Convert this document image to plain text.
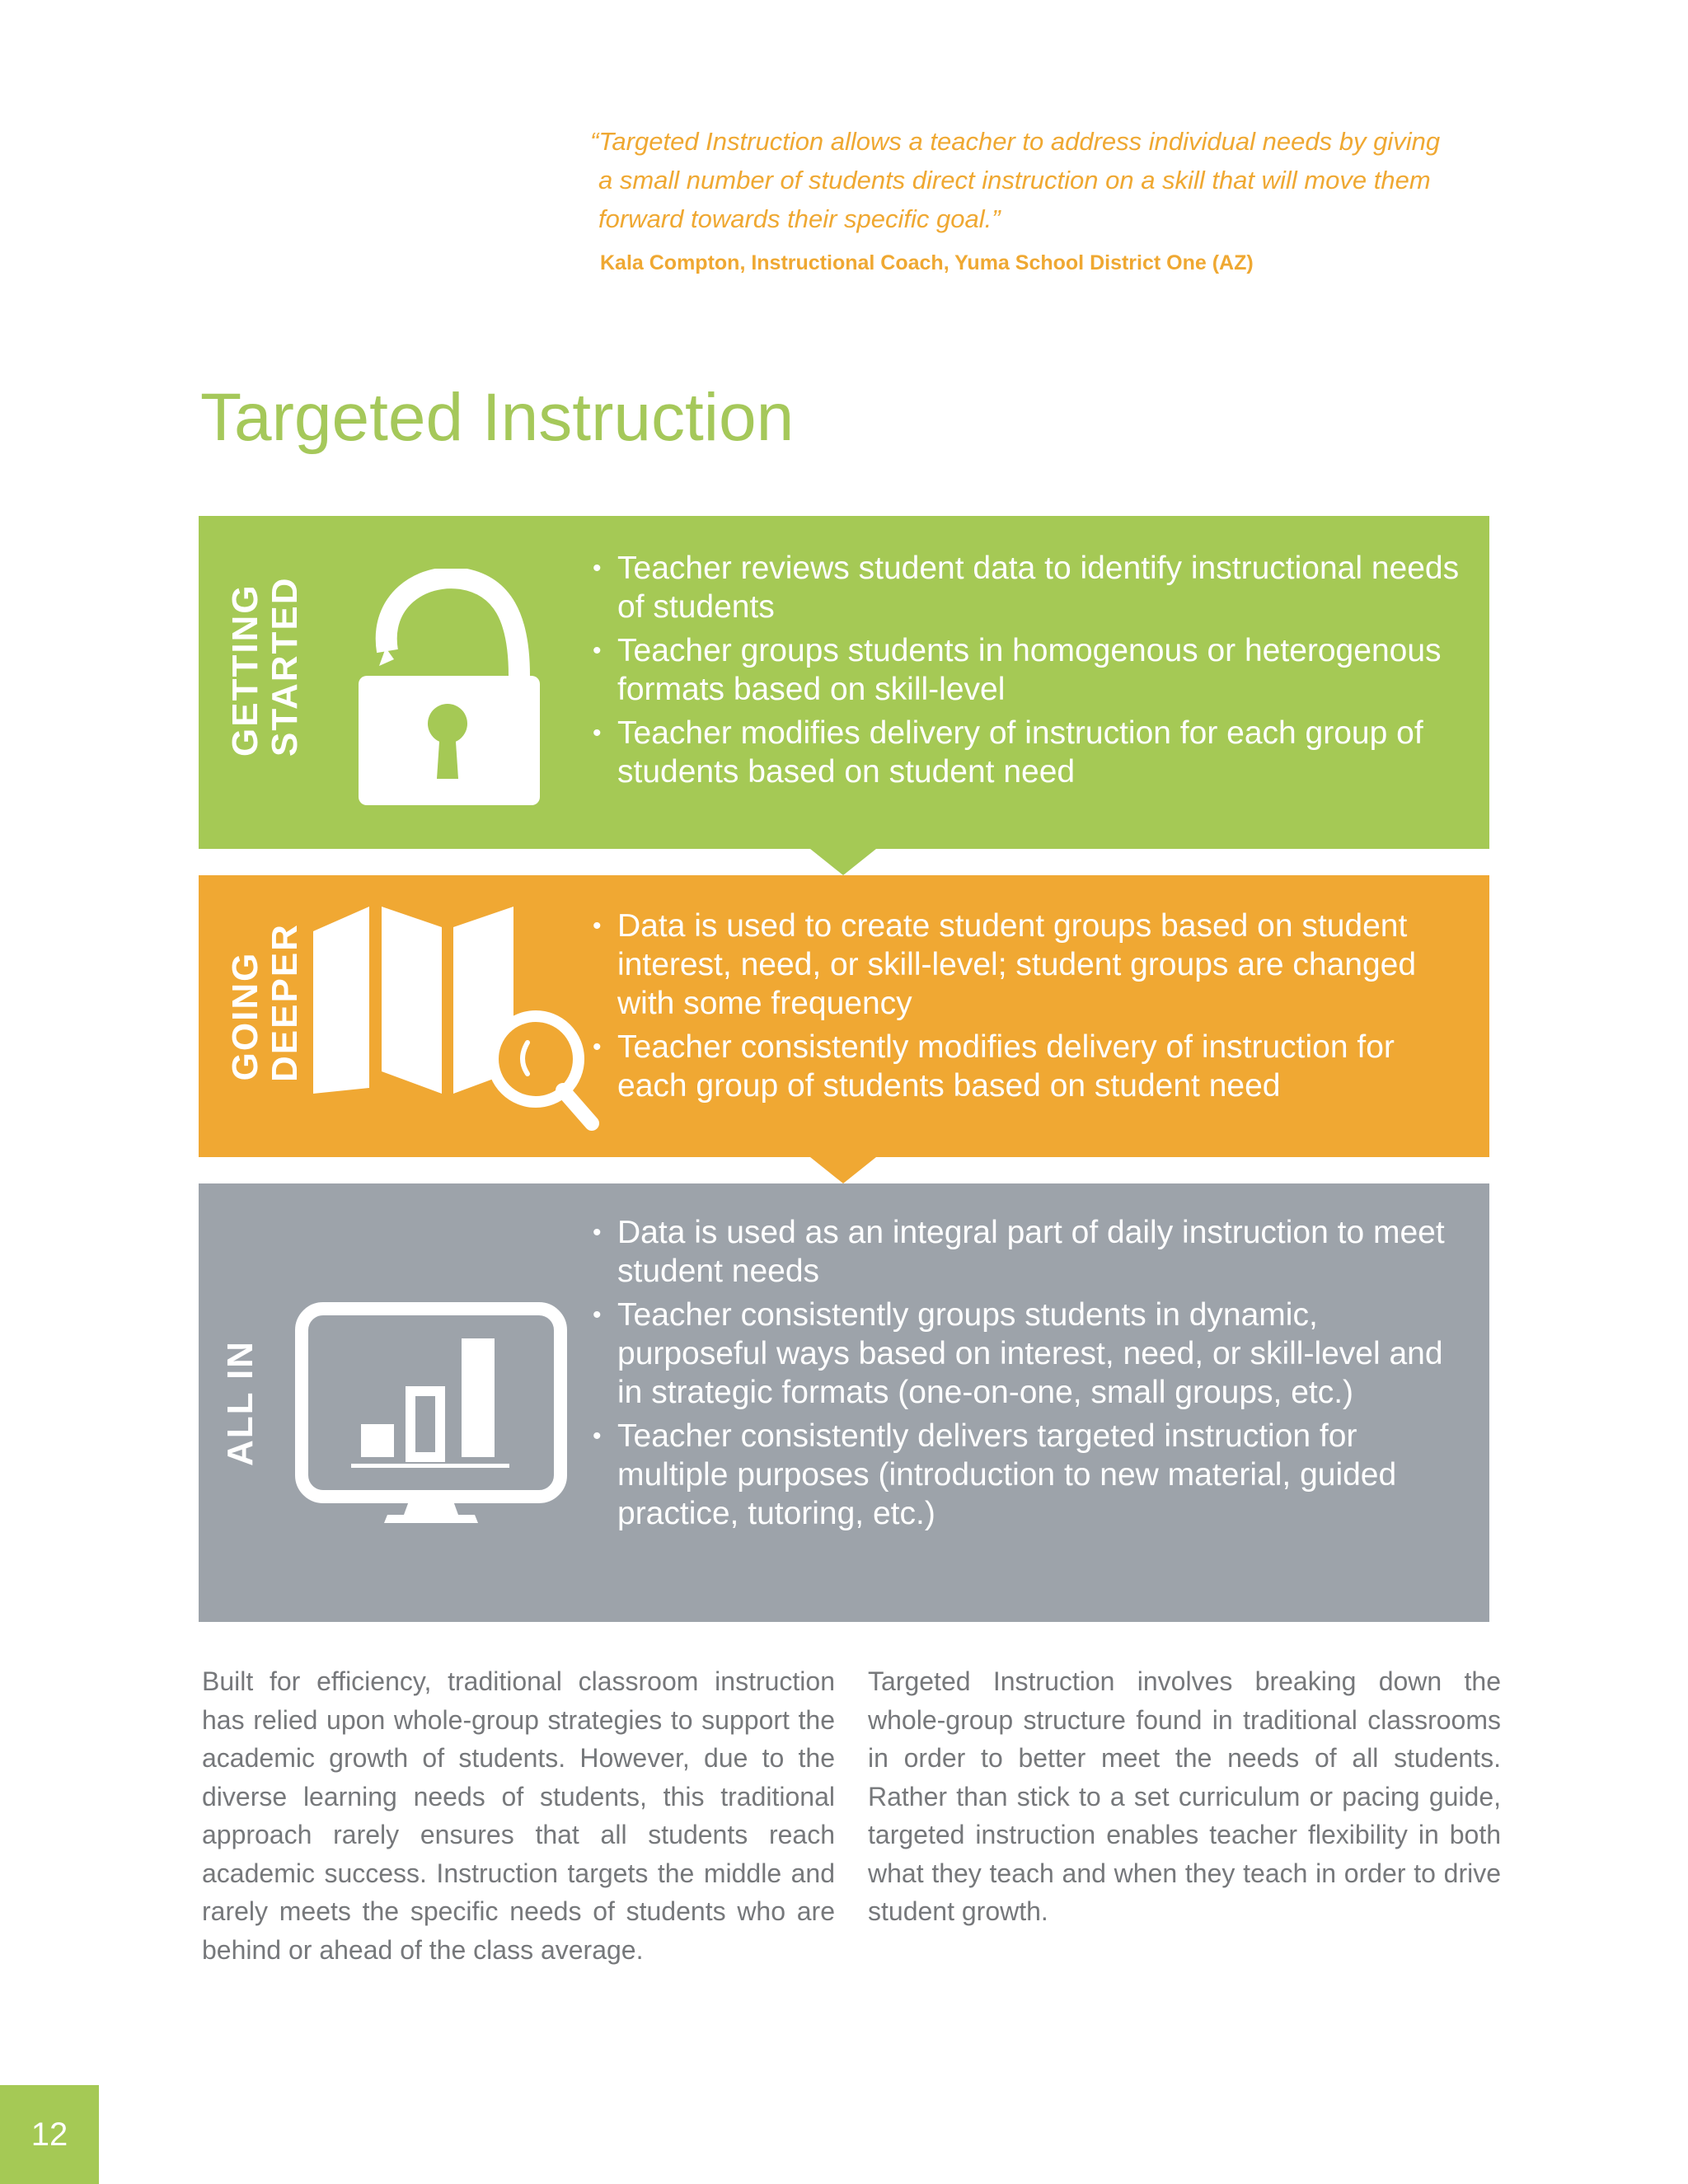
“Targeted Instruction allows a teacher to address individual needs by giving
a small number of students direct instruction on a skill that will move them
forward towards their specific goal.”
Kala Compton, Instructional Coach, Yuma School District One (AZ)
Targeted Instruction
GETTING STARTED
• Teacher reviews student data to identify instructional needs of students
• Teacher groups students in homogenous or heterogenous formats based on skill-level
• Teacher modifies delivery of instruction for each group of students based on student need
GOING DEEPER
•	Data is used to create student groups based on student interest, need, or skill-level; student groups are changed with some frequency
• Teacher consistently modifies delivery of instruction for each group of students based on student need
ALL IN
• Data is used as an integral part of daily instruction to meet student needs
• Teacher consistently groups students in dynamic, purposeful ways based on interest, need, or skill-level and in strategic formats (one-on-one, small groups, etc.)
• Teacher consistently delivers targeted instruction for multiple purposes (introduction to new material, guided practice, tutoring, etc.)

Built for efficiency, traditional classroom instruction has relied upon whole-group strategies to support the academic growth of students. However, due to the diverse learning needs of students, this traditional approach rarely ensures that all students reach academic success. Instruction targets the middle and rarely meets the specific needs of students who are behind or ahead of the class average.

Targeted Instruction involves breaking down the whole-group structure found in traditional classrooms in order to better meet the needs of all students. Rather than stick to a set curriculum or pacing guide, targeted instruction enables teacher flexibility in both what they teach and when they teach in order to drive student growth.

12
